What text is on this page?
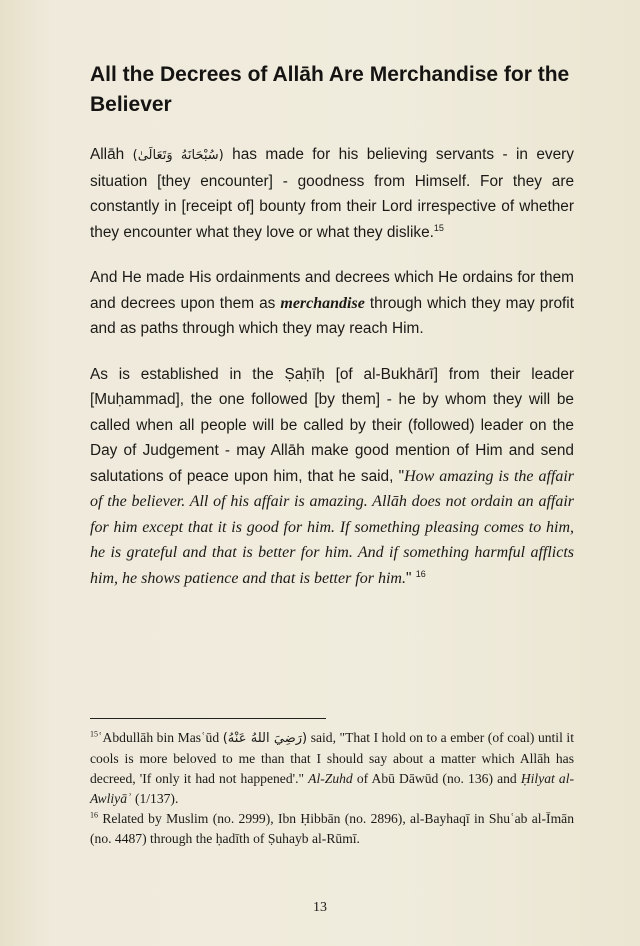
All the Decrees of Allāh Are Merchandise for the Believer

Allāh (سُبْحَانَهُ وَتَعَالَىٰ) has made for his believing servants - in every situation [they encounter] - goodness from Himself. For they are constantly in [receipt of] bounty from their Lord irrespective of whether they encounter what they love or what they dislike.$^{15}$

And He made His ordainments and decrees which He ordains for them and decrees upon them as merchandise through which they may profit and as paths through which they may reach Him.

As is established in the Ṣaḥīḥ [of al-Bukhārī] from their leader [Muḥammad], the one followed [by them] - he by whom they will be called when all people will be called by their (followed) leader on the Day of Judgement - may Allāh make good mention of Him and send salutations of peace upon him, that he said, "How amazing is the affair of the believer. All of his affair is amazing. Allāh does not ordain an affair for him except that it is good for him. If something pleasing comes to him, he is grateful and that is better for him. And if something harmful afflicts him, he shows patience and that is better for him." $^{16}$

$^{15}$ʿAbdullāh bin Masʿūd (رَضِيَ اللهُ عَنْهُ) said, "That I hold on to a ember (of coal) until it cools is more beloved to me than that I should say about a matter which Allāh has decreed, 'If only it had not happened'." Al-Zuhd of Abū Dāwūd (no. 136) and Ḥilyat al-Awliyāʾ (1/137).

$^{16}$ Related by Muslim (no. 2999), Ibn Ḥibbān (no. 2896), al-Bayhaqī in Shuʿab al-Īmān (no. 4487) through the ḥadīth of Ṣuhayb al-Rūmī.

13
